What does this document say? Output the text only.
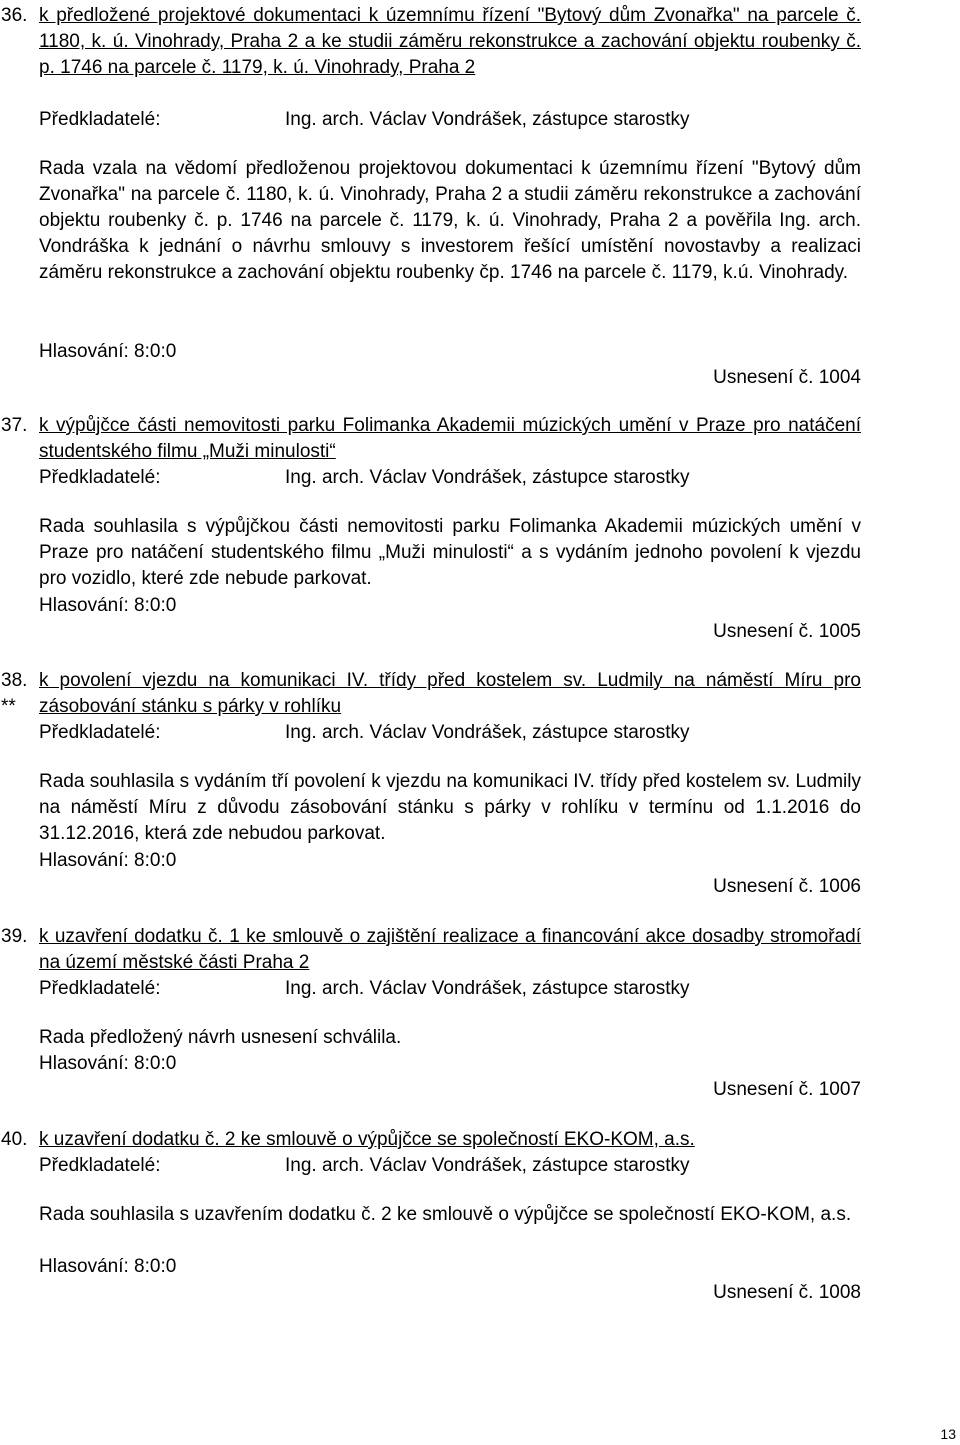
36. k předložené projektové dokumentaci k územnímu řízení "Bytový dům Zvonařka" na parcele č. 1180, k. ú. Vinohrady, Praha 2 a ke studii záměru rekonstrukce a zachování objektu roubenky č. p. 1746 na parcele č. 1179, k. ú. Vinohrady, Praha 2
Předkladatelé:	Ing. arch. Václav Vondrášek, zástupce starostky
Rada vzala na vědomí předloženou projektovou dokumentaci k územnímu řízení "Bytový dům Zvonařka" na parcele č. 1180, k. ú. Vinohrady, Praha 2 a studii záměru rekonstrukce a zachování objektu roubenky č. p. 1746 na parcele č. 1179, k. ú. Vinohrady, Praha 2 a pověřila Ing. arch. Vondráška k jednání o návrhu smlouvy s investorem řešící umístění novostavby a realizaci záměru rekonstrukce a zachování objektu roubenky čp. 1746 na parcele č. 1179, k.ú. Vinohrady.
Hlasování: 8:0:0
Usnesení č. 1004
37. k výpůjčce části nemovitosti parku Folimanka Akademii múzických umění v Praze pro natáčení studentského filmu „Muži minulosti“
Předkladatelé:	Ing. arch. Václav Vondrášek, zástupce starostky
Rada souhlasila s výpůjčkou části nemovitosti parku Folimanka Akademii múzických umění v Praze pro natáčení studentského filmu „Muži minulosti“ a s vydáním jednoho povolení k vjezdu pro vozidlo, které zde nebude parkovat.
Hlasování: 8:0:0
Usnesení č. 1005
38.
**
k povolení vjezdu na komunikaci IV. třídy před kostelem sv. Ludmily na náměstí Míru pro zásobování stánku s párky v rohlíku
Předkladatelé:	Ing. arch. Václav Vondrášek, zástupce starostky
Rada souhlasila s vydáním tří povolení k vjezdu na komunikaci IV. třídy před kostelem sv. Ludmily na náměstí Míru z důvodu zásobování stánku s párky v rohlíku v termínu od 1.1.2016 do 31.12.2016, která zde nebudou parkovat.
Hlasování: 8:0:0
Usnesení č. 1006
39. k uzavření dodatku č. 1 ke smlouvě o zajištění realizace a financování akce dosadby stromořadí na území městské části Praha 2
Předkladatelé:	Ing. arch. Václav Vondrášek, zástupce starostky
Rada předložený návrh usnesení schválila.
Hlasování: 8:0:0
Usnesení č. 1007
40. k uzavření dodatku č. 2 ke smlouvě o výpůjčce se společností EKO-KOM, a.s.
Předkladatelé:	Ing. arch. Václav Vondrášek, zástupce starostky
Rada souhlasila s uzavřením dodatku č. 2 ke smlouvě o výpůjčce se společností EKO-KOM, a.s.
Hlasování: 8:0:0
Usnesení č. 1008
13
